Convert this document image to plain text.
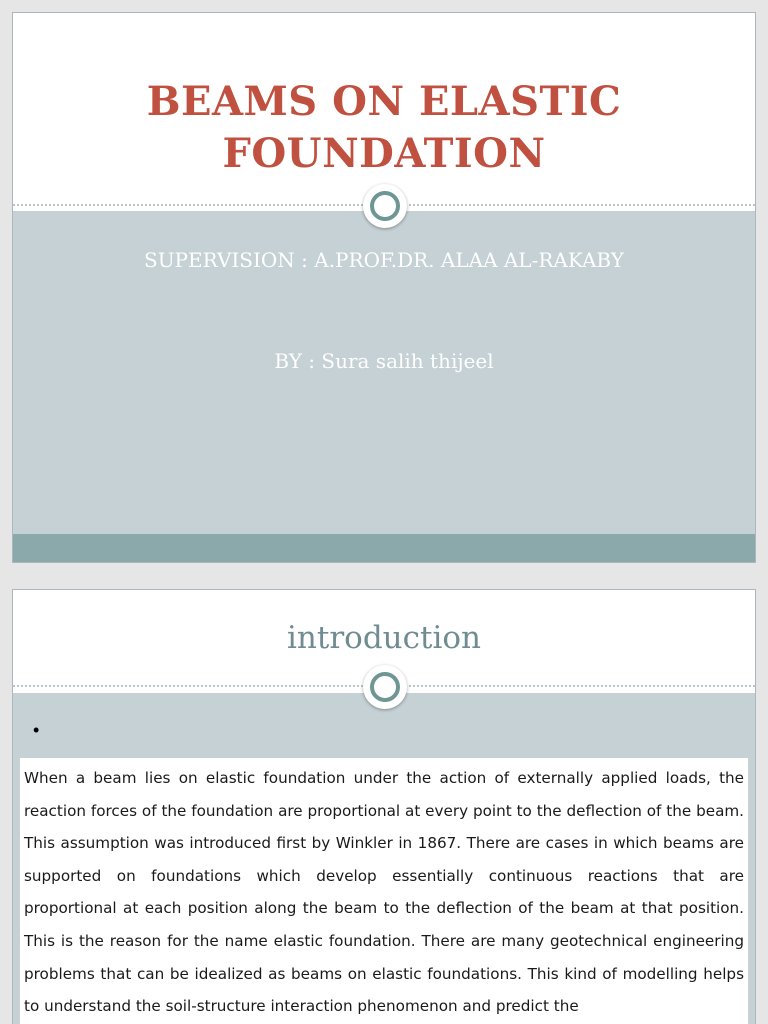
BEAMS ON ELASTIC
FOUNDATION
SUPERVISION : A.PROF.DR. ALAA AL-RAKABY
BY : Sura salih thijeel
introduction
•

When a beam lies on elastic foundation under the action of externally applied loads, the reaction forces of the foundation are proportional at every point to the deflection of the beam. This assumption was introduced first by Winkler in 1867. There are cases in which beams are supported on foundations which develop essentially continuous reactions that are proportional at each position along the beam to the deflection of the beam at that position. This is the reason for the name elastic foundation. There are many geotechnical engineering problems that can be idealized as beams on elastic foundations. This kind of modelling helps to understand the soil-structure interaction phenomenon and predict the
